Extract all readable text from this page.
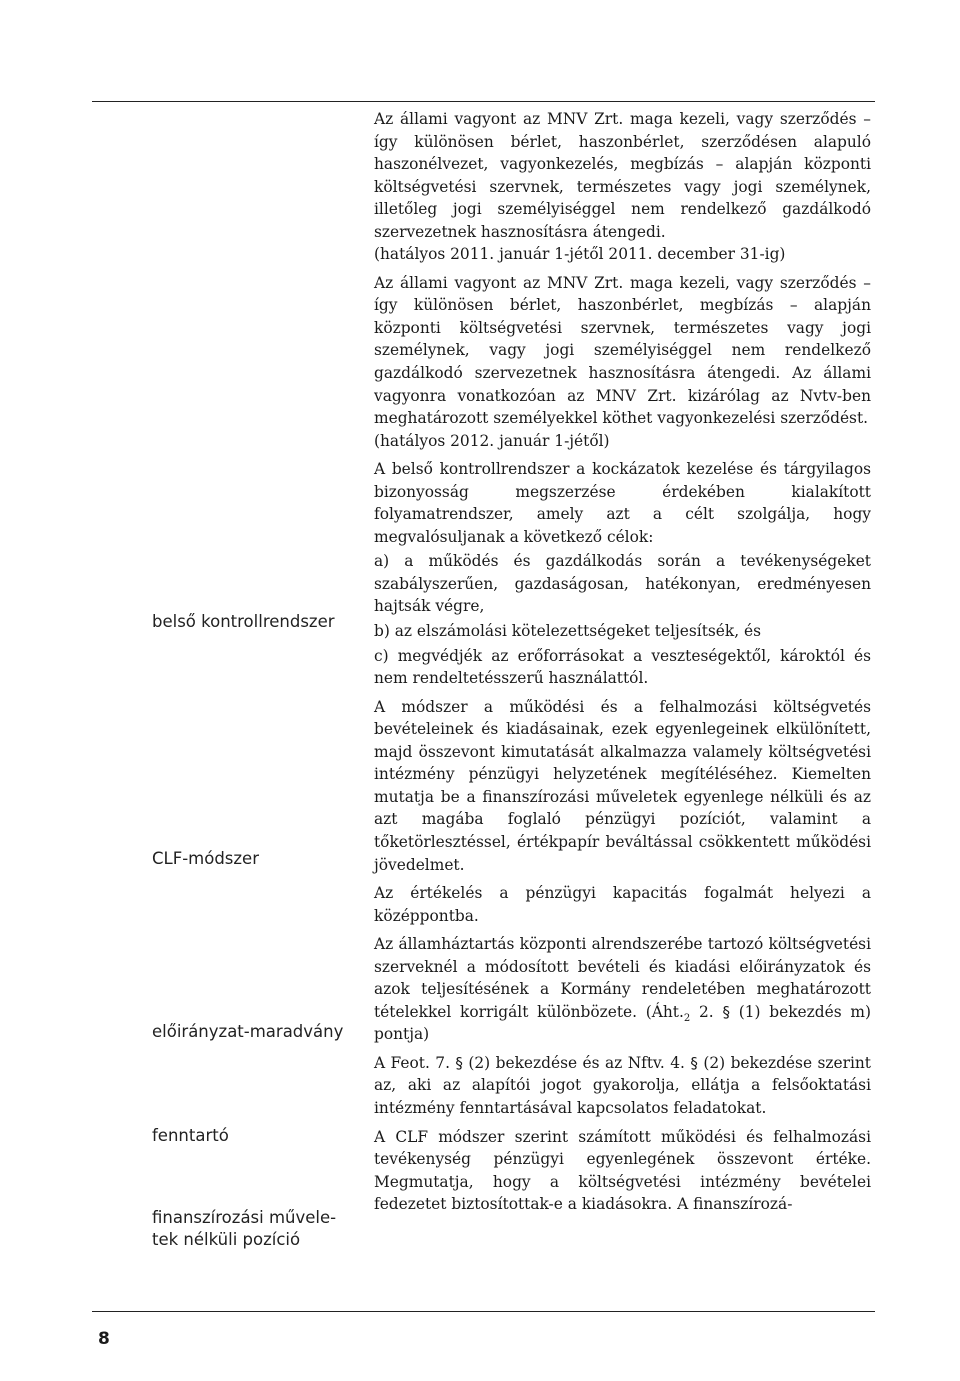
belső kontrollrendszer
CLF-módszer
előirányzat-maradvány
fenntartó
finanszírozási művele-tek nélküli pozíció

Az állami vagyont az MNV Zrt. maga kezeli, vagy szerződés – így különösen bérlet, haszonbérlet, szerződésen alapuló haszonélvezet, vagyonkezelés, megbízás – alapján központi költségvetési szervnek, természetes vagy jogi személynek, illetőleg jogi személyiséggel nem rendelkező gazdálkodó szervezetnek hasznosításra átengedi.

(hatályos 2011. január 1-jétől 2011. december 31-ig)

Az állami vagyont az MNV Zrt. maga kezeli, vagy szerződés – így különösen bérlet, haszonbérlet, megbízás – alapján központi költségvetési szervnek, természetes vagy jogi személynek, vagy jogi személyiséggel nem rendelkező gazdálkodó szervezetnek hasznosításra átengedi. Az állami vagyonra vonatkozóan az MNV Zrt. kizárólag az Nvtv-ben meghatározott személyekkel köthet vagyonkezelési szerződést.

(hatályos 2012. január 1-jétől)

A belső kontrollrendszer a kockázatok kezelése és tárgyilagos bizonyosság megszerzése érdekében kialakított folyamatrendszer, amely azt a célt szolgálja, hogy megvalósuljanak a következő célok:

a) a működés és gazdálkodás során a tevékenységeket szabályszerűen, gazdaságosan, hatékonyan, eredményesen hajtsák végre,

b) az elszámolási kötelezettségeket teljesítsék, és

c) megvédjék az erőforrásokat a veszteségektől, károktól és nem rendeltetésszerű használattól.

A módszer a működési és a felhalmozási költségvetés bevételeinek és kiadásainak, ezek egyenlegeinek elkülönített, majd összevont kimutatását alkalmazza valamely költségvetési intézmény pénzügyi helyzetének megítéléséhez. Kiemelten mutatja be a finanszírozási műveletek egyenlege nélküli és az azt magába foglaló pénzügyi pozíciót, valamint a tőketörlesztéssel, értékpapír beváltással csökkentett működési jövedelmet.

Az értékelés a pénzügyi kapacitás fogalmát helyezi a középpontba.

Az államháztartás központi alrendszerébe tartozó költségvetési szerveknél a módosított bevételi és kiadási előirányzatok és azok teljesítésének a Kormány rendeletében meghatározott tételekkel korrigált különbözete. ($Áht._2$ 2. § (1) bekezdés m) pontja)

A Feot. 7. § (2) bekezdése és az Nftv. 4. § (2) bekezdése szerint az, aki az alapítói jogot gyakorolja, ellátja a felsőoktatási intézmény fenntartásával kapcsolatos feladatokat.

A CLF módszer szerint számított működési és felhalmozási tevékenység pénzügyi egyenlegének összevont értéke. Megmutatja, hogy a költségvetési intézmény bevételei fedezetet biztosítottak-e a kiadásokra. A finanszírozá-

8
